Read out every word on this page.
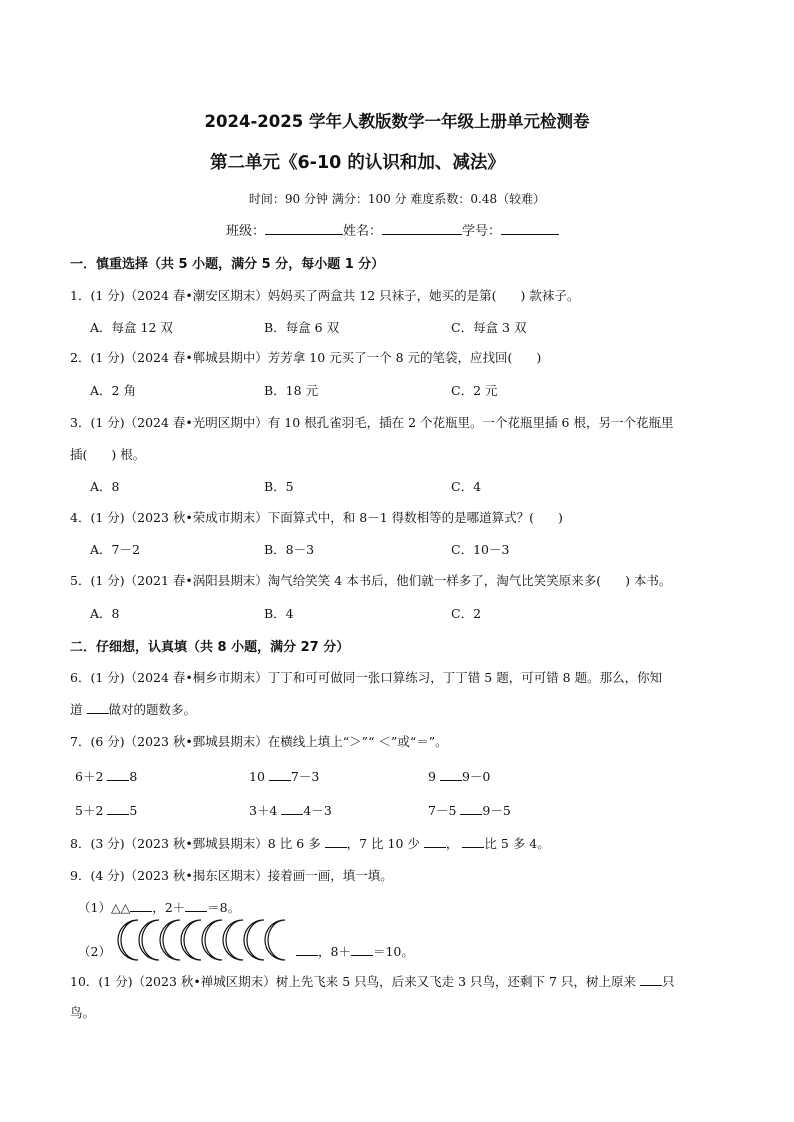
2024-2025 学年人教版数学一年级上册单元检测卷
第二单元《6-10 的认识和加、减法》
时间：90 分钟 满分：100 分 难度系数：0.48（较难）
班级：	姓名：	学号：
一．慎重选择（共 5 小题，满分 5 分，每小题 1 分）
1．(1 分)（2024 春•潮安区期末）妈妈买了两盒共 12 只袜子，她买的是第( ) 款袜子。
A．每盒 12 双	B．每盒 6 双	C．每盒 3 双
2．(1 分)（2024 春•郸城县期中）芳芳拿 10 元买了一个 8 元的笔袋，应找回( )
A．2 角	B．18 元	C．2 元
3．(1 分)（2024 春•光明区期中）有 10 根孔雀羽毛，插在 2 个花瓶里。一个花瓶里插 6 根，另一个花瓶里
插( ) 根。
A．8	B．5	C．4
4．(1 分)（2023 秋•荣成市期末）下面算式中，和 8－1 得数相等的是哪道算式？( )
A．7－2	B．8－3	C．10－3
5．(1 分)（2021 春•涡阳县期末）淘气给笑笑 4 本书后，他们就一样多了，淘气比笑笑原来多( ) 本书。
A．8	B．4	C．2
二．仔细想，认真填（共 8 小题，满分 27 分）
6．(1 分)（2024 春•桐乡市期末）丁丁和可可做同一张口算练习，丁丁错 5 题，可可错 8 题。那么，你知
道 做对的题数多。
7．(6 分)（2023 秋•鄄城县期末）在横线上填上“＞”“ ＜”或“＝”。
6＋2 8	10 7－3	9 9－0
5＋2 5	3＋4 4－3	7－5 9－5
8．(3 分)（2023 秋•鄄城县期末）8 比 6 多 ，7 比 10 少 ， 比 5 多 4。
9．(4 分)（2023 秋•揭东区期末）接着画一画，填一填。
（1）△△ ，2＋ ＝8。
（2）	，8＋ ＝10。
10．(1 分)（2023 秋•禅城区期末）树上先飞来 5 只鸟，后来又飞走 3 只鸟，还剩下 7 只，树上原来 只
鸟。
